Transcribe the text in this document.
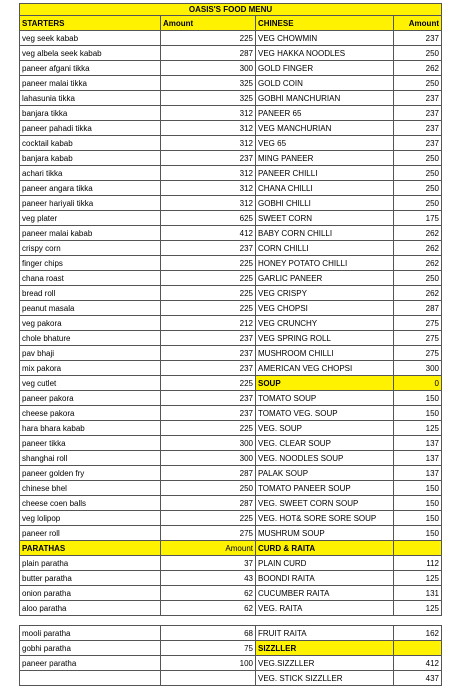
OASIS'S FOOD MENU			
STARTERS	Amount	CHINESE	Amount
veg seek kabab	225	VEG CHOWMIN	237
veg albela seek kabab	287	VEG HAKKA NOODLES	250
paneer afgani tikka	300	GOLD FINGER	262
paneer malai tikka	325	GOLD COIN	250
lahasunia tikka	325	GOBHI MANCHURIAN	237
banjara tikka	312	PANEER 65	237
paneer pahadi tikka	312	VEG MANCHURIAN	237
cocktail kabab	312	VEG 65	237
banjara kabab	237	MING PANEER	250
achari tikka	312	PANEER CHILLI	250
paneer angara tikka	312	CHANA CHILLI	250
paneer hariyali tikka	312	GOBHI CHILLI	250
veg plater	625	SWEET CORN	175
paneer malai kabab	412	BABY CORN CHILLI	262
crispy corn	237	CORN CHILLI	262
finger chips	225	HONEY POTATO CHILLI	262
chana roast	225	GARLIC PANEER	250
bread roll	225	VEG CRISPY	262
peanut masala	225	VEG CHOPSI	287
veg pakora	212	VEG CRUNCHY	275
chole bhature	237	VEG SPRING ROLL	275
pav bhaji	237	MUSHROOM CHILLI	275
mix pakora	237	AMERICAN VEG CHOPSI	300
veg cutlet	225	SOUP	0
paneer pakora	237	TOMATO SOUP	150
cheese pakora	237	TOMATO VEG. SOUP	150
hara bhara kabab	225	VEG. SOUP	125
paneer tikka	300	VEG. CLEAR SOUP	137
shanghai roll	300	VEG. NOODLES SOUP	137
paneer golden fry	287	PALAK SOUP	137
chinese bhel	250	TOMATO PANEER SOUP	150
cheese coen balls	287	VEG. SWEET CORN SOUP	150
veg lolipop	225	VEG. HOT& SORE SORE SOUP	150
paneer roll	275	MUSHRUM SOUP	150
PARATHAS	Amount	CURD & RAITA	
plain paratha	37	PLAIN CURD	112
butter paratha	43	BOONDI RAITA	125
onion paratha	62	CUCUMBER RAITA	131
aloo paratha	62	VEG. RAITA	125

mooli paratha	68	FRUIT RAITA	162
gobhi paratha	75	SIZZLLER	
paneer paratha	100	VEG.SIZZLLER	412
		VEG. STICK SIZZLLER	437
